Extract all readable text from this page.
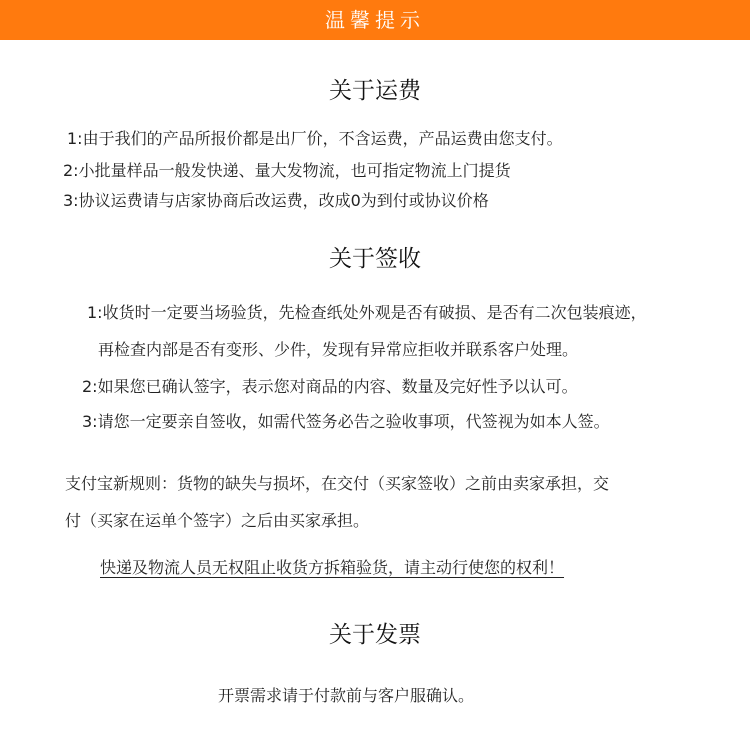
温馨提示
关于运费
1:由于我们的产品所报价都是出厂价，不含运费，产品运费由您支付。
2:小批量样品一般发快递、量大发物流，也可指定物流上门提货
3:协议运费请与店家协商后改运费，改成0为到付或协议价格
关于签收
1:收货时一定要当场验货，先检查纸处外观是否有破损、是否有二次包装痕迹，
再检查内部是否有变形、少件，发现有异常应拒收并联系客户处理。
2:如果您已确认签字，表示您对商品的内容、数量及完好性予以认可。
3:请您一定要亲自签收，如需代签务必告之验收事项，代签视为如本人签。
支付宝新规则：货物的缺失与损坏，在交付（买家签收）之前由卖家承担，交
付（买家在运单个签字）之后由买家承担。
快递及物流人员无权阻止收货方拆箱验货，请主动行使您的权利！
关于发票
开票需求请于付款前与客户服确认。
